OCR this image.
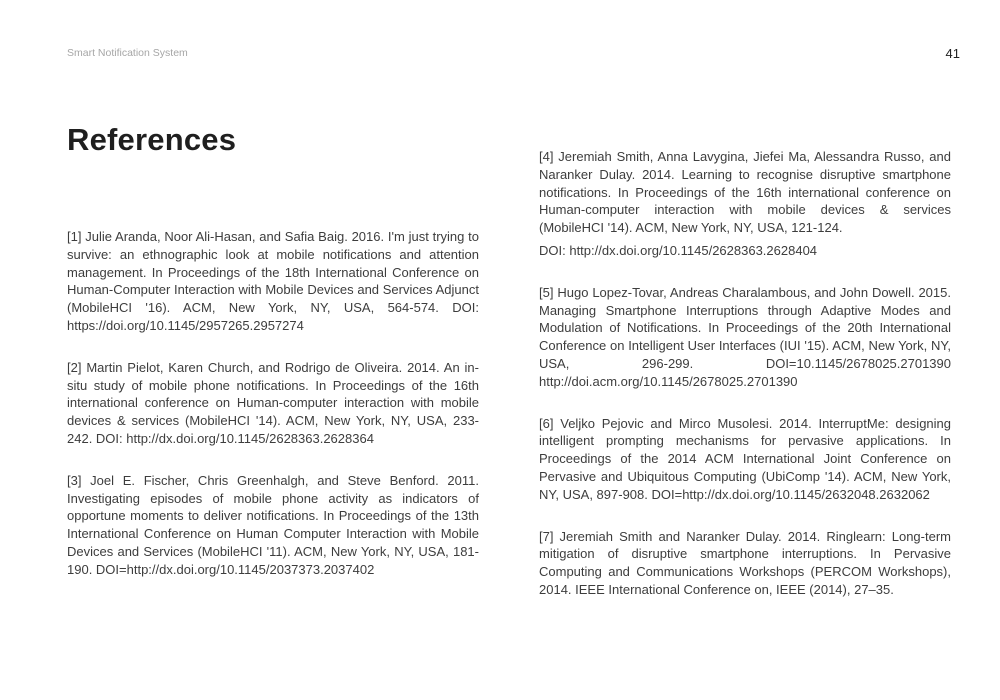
Smart Notification System	41
References

[1] Julie Aranda, Noor Ali-Hasan, and Safia Baig. 2016. I'm just trying to survive: an ethnographic look at mobile notifications and attention management. In Proceedings of the 18th International Conference on Human-Computer Interaction with Mobile Devices and Services Adjunct (MobileHCI '16). ACM, New York, NY, USA, 564-574. DOI: https://doi.org/10.1145/2957265.2957274

[2] Martin Pielot, Karen Church, and Rodrigo de Oliveira. 2014. An in-situ study of mobile phone notifications. In Proceedings of the 16th international conference on Human-computer interaction with mobile devices & services (MobileHCI '14). ACM, New York, NY, USA, 233-242. DOI: http://dx.doi.org/10.1145/2628363.2628364

[3] Joel E. Fischer, Chris Greenhalgh, and Steve Benford. 2011. Investigating episodes of mobile phone activity as indicators of opportune moments to deliver notifications. In Proceedings of the 13th International Conference on Human Computer Interaction with Mobile Devices and Services (MobileHCI '11). ACM, New York, NY, USA, 181-190. DOI=http://dx.doi.org/10.1145/2037373.2037402

[4] Jeremiah Smith, Anna Lavygina, Jiefei Ma, Alessandra Russo, and Naranker Dulay. 2014. Learning to recognise disruptive smartphone notifications. In Proceedings of the 16th international conference on Human-computer interaction with mobile devices & services (MobileHCI '14). ACM, New York, NY, USA, 121-124.

DOI: http://dx.doi.org/10.1145/2628363.2628404

[5] Hugo Lopez-Tovar, Andreas Charalambous, and John Dowell. 2015. Managing Smartphone Interruptions through Adaptive Modes and Modulation of Notifications. In Proceedings of the 20th International Conference on Intelligent User Interfaces (IUI '15). ACM, New York, NY, USA, 296-299. DOI=10.1145/2678025.2701390 http://doi.acm.org/10.1145/2678025.2701390

[6] Veljko Pejovic and Mirco Musolesi. 2014. InterruptMe: designing intelligent prompting mechanisms for pervasive applications. In Proceedings of the 2014 ACM International Joint Conference on Pervasive and Ubiquitous Computing (UbiComp '14). ACM, New York, NY, USA, 897-908. DOI=http://dx.doi.org/10.1145/2632048.2632062

[7] Jeremiah Smith and Naranker Dulay. 2014. Ringlearn: Long-term mitigation of disruptive smartphone interruptions. In Pervasive Computing and Communications Workshops (PERCOM Workshops), 2014. IEEE International Conference on, IEEE (2014), 27–35.
